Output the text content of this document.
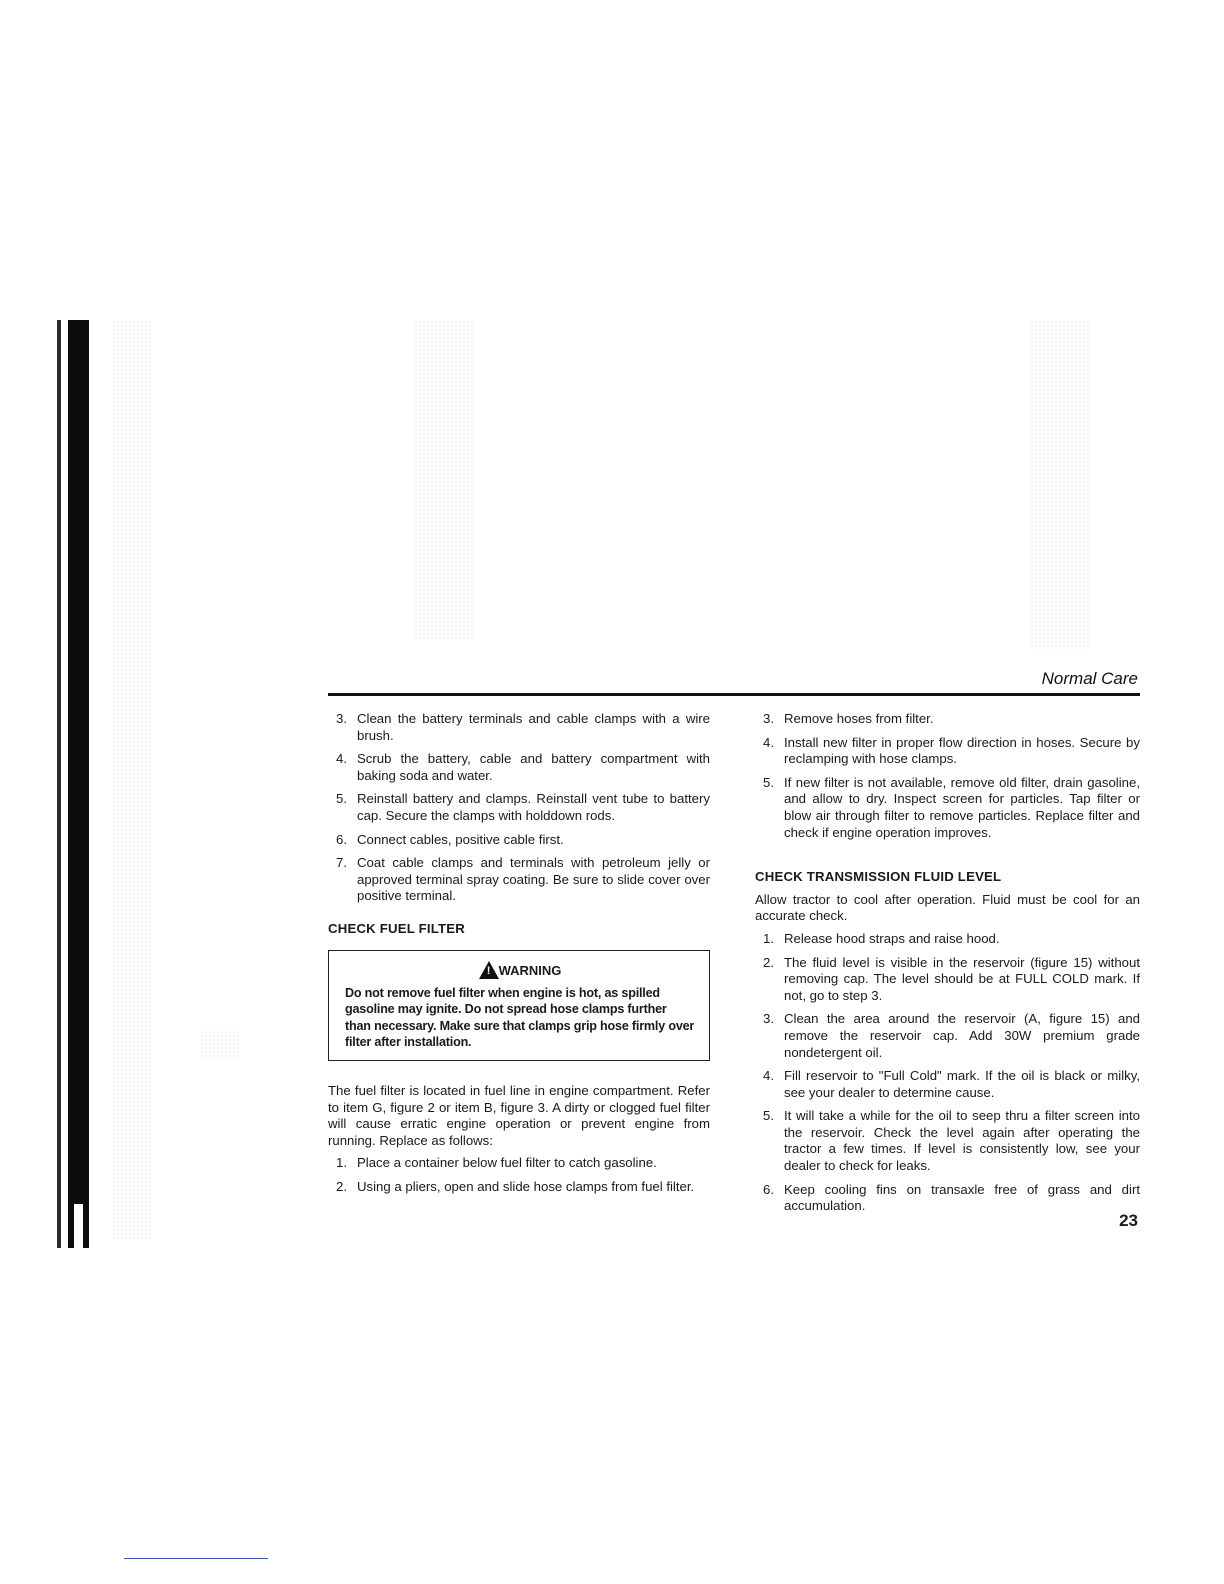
Normal Care
3. Clean the battery terminals and cable clamps with a wire brush.
4. Scrub the battery, cable and battery compartment with baking soda and water.
5. Reinstall battery and clamps. Reinstall vent tube to battery cap. Secure the clamps with holddown rods.
6. Connect cables, positive cable first.
7. Coat cable clamps and terminals with petroleum jelly or approved terminal spray coating. Be sure to slide cover over positive terminal.
CHECK FUEL FILTER
! WARNING
Do not remove fuel filter when engine is hot, as spilled gasoline may ignite. Do not spread hose clamps further than necessary. Make sure that clamps grip hose firmly over filter after installation.

The fuel filter is located in fuel line in engine compartment. Refer to item G, figure 2 or item B, figure 3. A dirty or clogged fuel filter will cause erratic engine operation or prevent engine from running. Replace as follows:

1. Place a container below fuel filter to catch gasoline.
2. Using a pliers, open and slide hose clamps from fuel filter.
3. Remove hoses from filter.
4. Install new filter in proper flow direction in hoses. Secure by reclamping with hose clamps.
5. If new filter is not available, remove old filter, drain gasoline, and allow to dry. Inspect screen for particles. Tap filter or blow air through filter to remove particles. Replace filter and check if engine operation improves.
CHECK TRANSMISSION FLUID LEVEL

Allow tractor to cool after operation. Fluid must be cool for an accurate check.

1. Release hood straps and raise hood.
2. The fluid level is visible in the reservoir (figure 15) without removing cap. The level should be at FULL COLD mark. If not, go to step 3.
3. Clean the area around the reservoir (A, figure 15) and remove the reservoir cap. Add 30W premium grade nondetergent oil.
4. Fill reservoir to "Full Cold" mark. If the oil is black or milky, see your dealer to determine cause.
5. It will take a while for the oil to seep thru a filter screen into the reservoir. Check the level again after operating the tractor a few times. If level is consistently low, see your dealer to check for leaks.
6. Keep cooling fins on transaxle free of grass and dirt accumulation.
23
